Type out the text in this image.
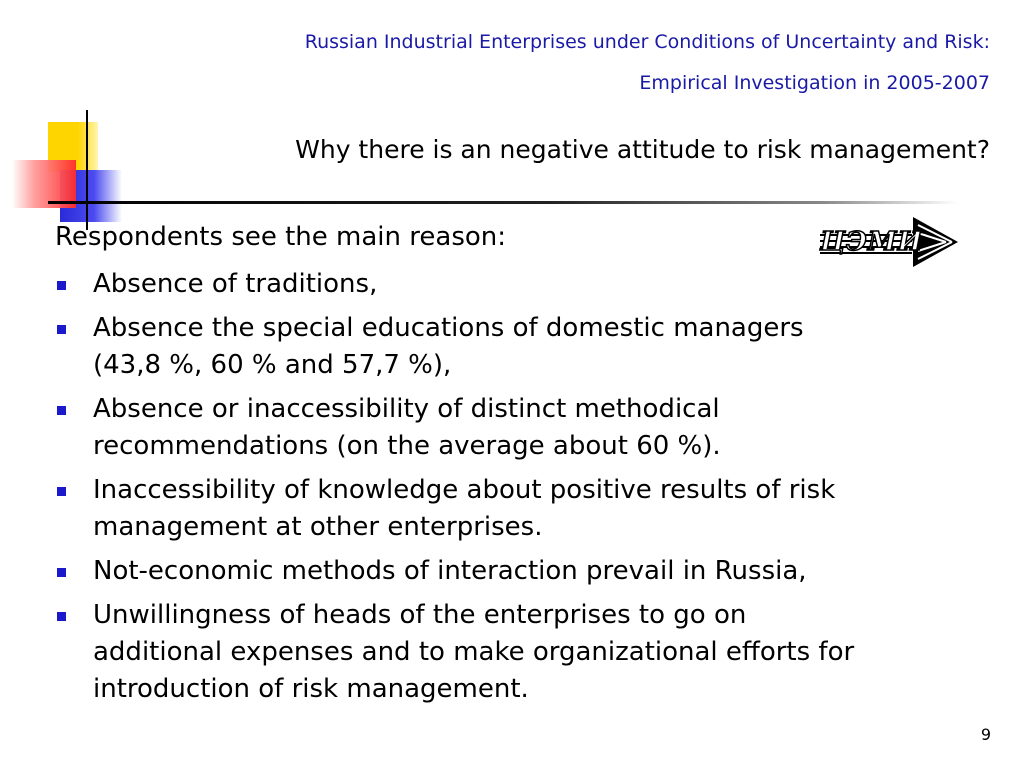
Russian Industrial Enterprises under Conditions of Uncertainty and Risk:
Empirical Investigation in 2005-2007
Why there is an negative attitude to risk management?
ЦЭМИ
Respondents see the main reason:
Absence of traditions,
Absence the special educations of domestic managers
(43,8 %, 60 % and 57,7 %),
Absence or inaccessibility of distinct methodical
recommendations (on the average about 60 %).
Inaccessibility of knowledge about positive results of risk
management at other enterprises.
Not-economic methods of interaction prevail in Russia,
Unwillingness of heads of the enterprises to go on
additional expenses and to make organizational efforts for
introduction of risk management.
9
